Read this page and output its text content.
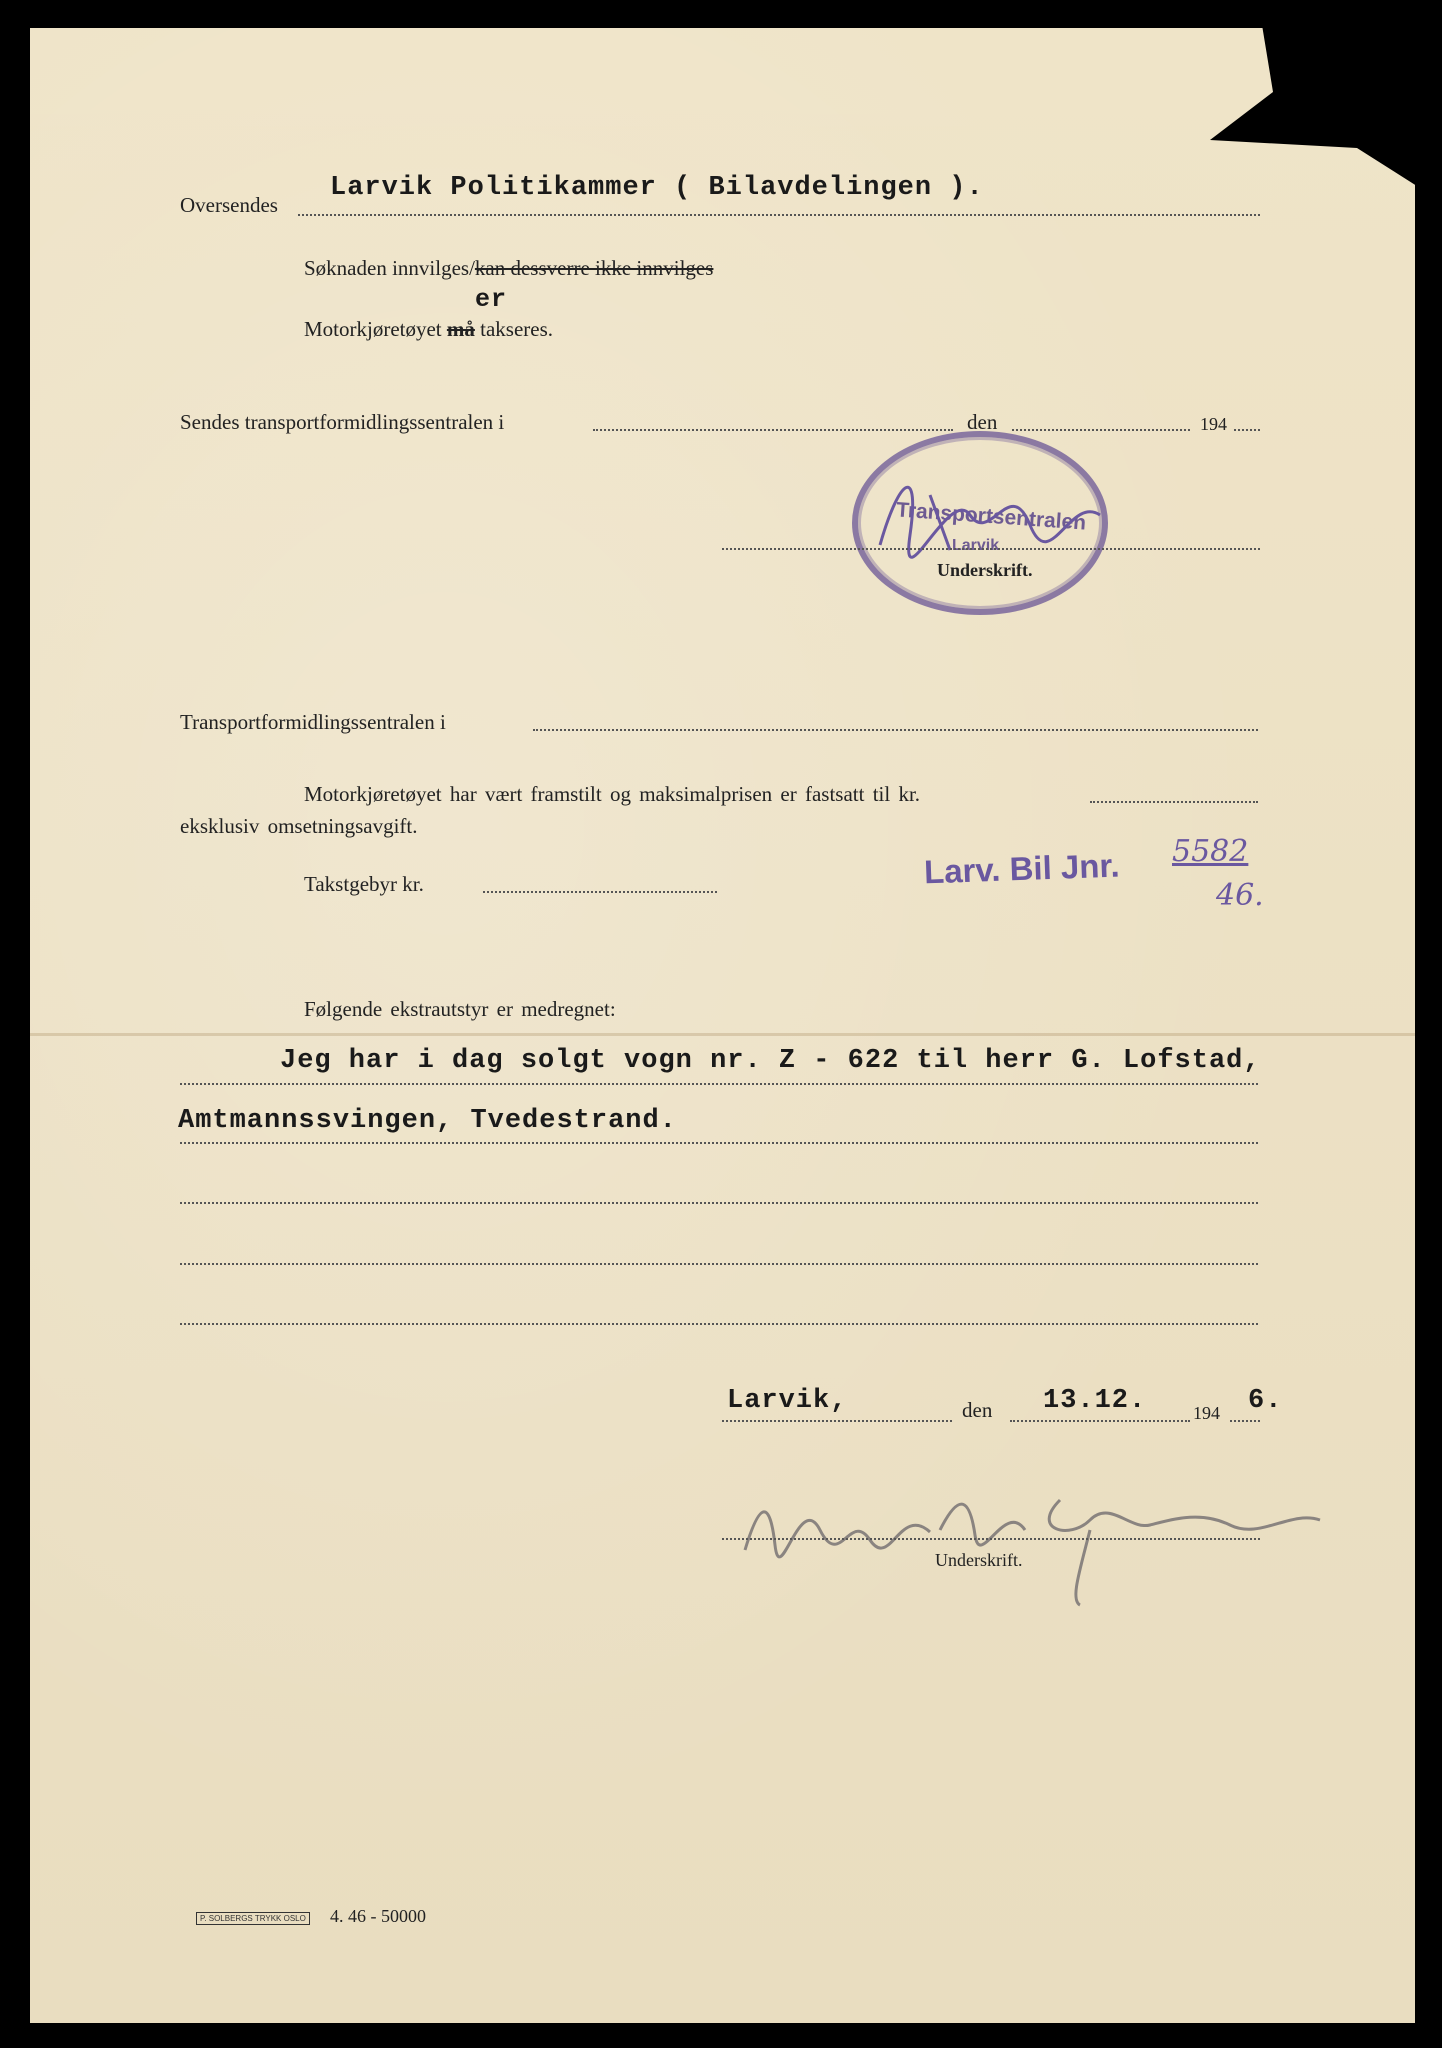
Oversendes
Larvik Politikammer ( Bilavdelingen ).
Søknaden innvilges/kan dessverre ikke innvilges
er
Motorkjøretøyet må takseres.
Sendes transportformidlingssentralen i	den	194
Transportsentralen
Larvik
Underskrift.
Transportformidlingssentralen i
Motorkjøretøyet har vært framstilt og maksimalprisen er fastsatt til kr.
eksklusiv omsetningsavgift.
Takstgebyr kr.	Larv. Bil Jnr. 5582
46.
Følgende ekstrautstyr er medregnet:
Jeg har i dag solgt vogn nr. Z - 622 til herr G. Lofstad,
Amtmannssvingen, Tvedestrand.
Larvik,	den 13.12.	194 6.
Underskrift.
P. SOLBERGS TRYKK OSLO 4. 46 - 50000
